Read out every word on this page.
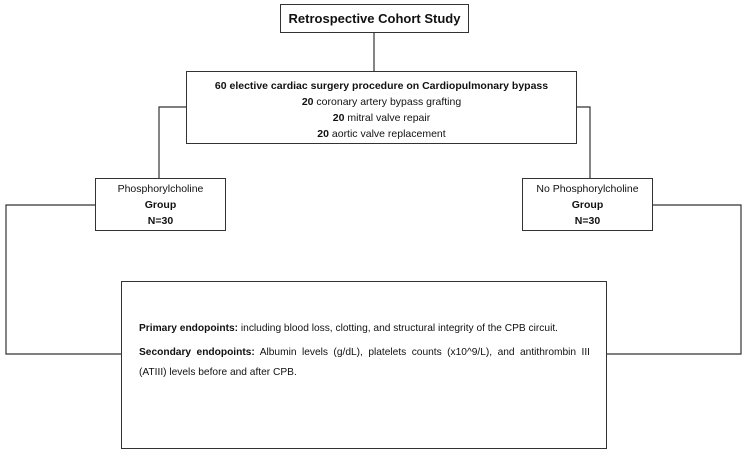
Retrospective Cohort Study
60 elective cardiac surgery procedure on Cardiopulmonary bypass
20 coronary artery bypass grafting
20 mitral valve repair
20 aortic valve replacement
Phosphorylcholine
Group
N=30
No Phosphorylcholine
Group
N=30

Primary endopoints: including blood loss, clotting, and structural integrity of the CPB circuit.

Secondary endopoints: Albumin levels (g/dL), platelets counts (x10^9/L), and antithrombin III (ATIII) levels before and after CPB.
